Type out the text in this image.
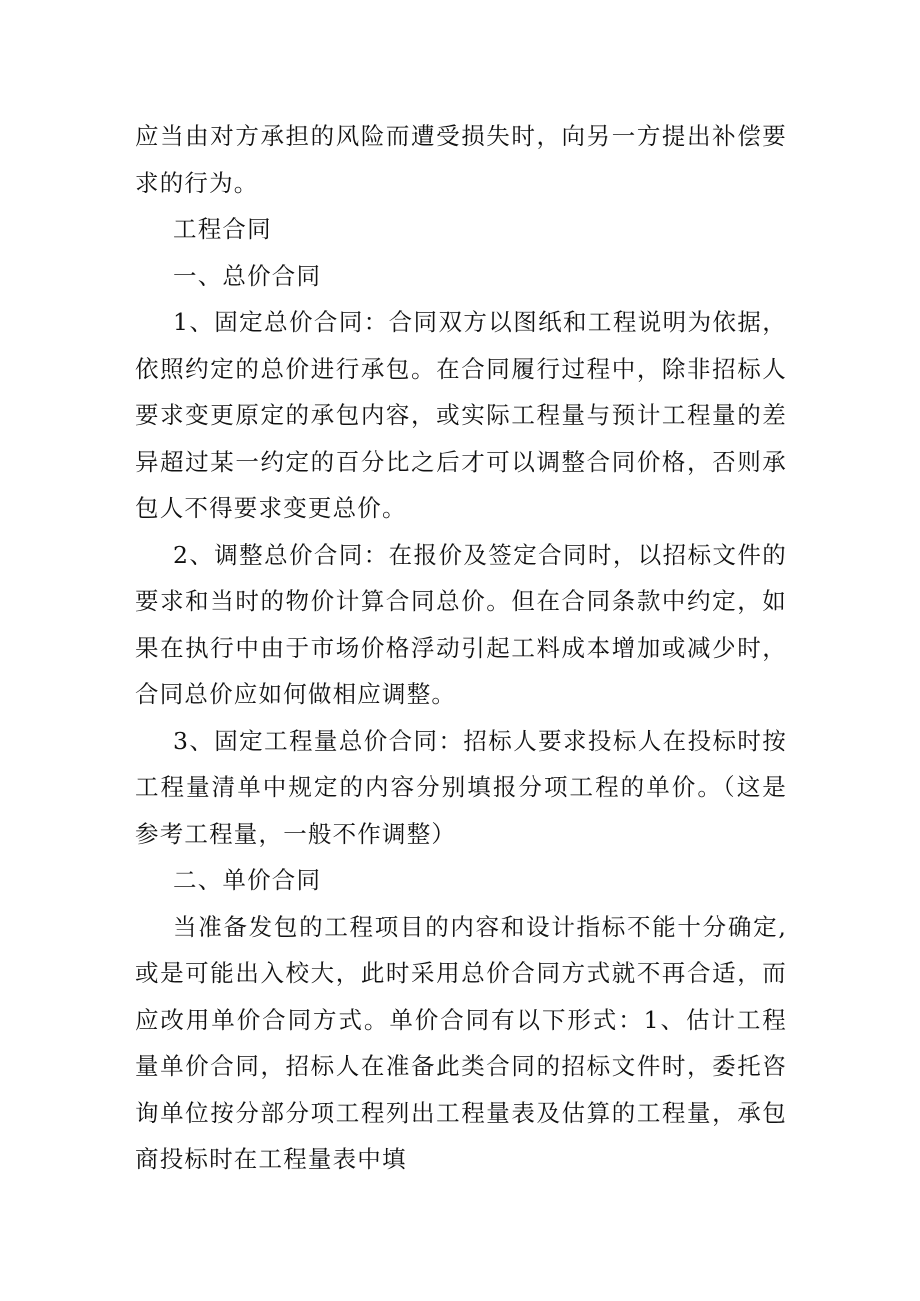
应当由对方承担的风险而遭受损失时，向另一方提出补偿要求的行为。

工程合同

一、总价合同

1、固定总价合同：合同双方以图纸和工程说明为依据，依照约定的总价进行承包。在合同履行过程中，除非招标人要求变更原定的承包内容，或实际工程量与预计工程量的差异超过某一约定的百分比之后才可以调整合同价格，否则承包人不得要求变更总价。

2、调整总价合同：在报价及签定合同时，以招标文件的要求和当时的物价计算合同总价。但在合同条款中约定，如果在执行中由于市场价格浮动引起工料成本增加或减少时，合同总价应如何做相应调整。

3、固定工程量总价合同：招标人要求投标人在投标时按工程量清单中规定的内容分别填报分项工程的单价。（这是参考工程量，一般不作调整）

二、单价合同

当准备发包的工程项目的内容和设计指标不能十分确定,或是可能出入校大，此时采用总价合同方式就不再合适，而应改用单价合同方式。单价合同有以下形式：1、估计工程量单价合同，招标人在准备此类合同的招标文件时，委托咨询单位按分部分项工程列出工程量表及估算的工程量，承包商投标时在工程量表中填
